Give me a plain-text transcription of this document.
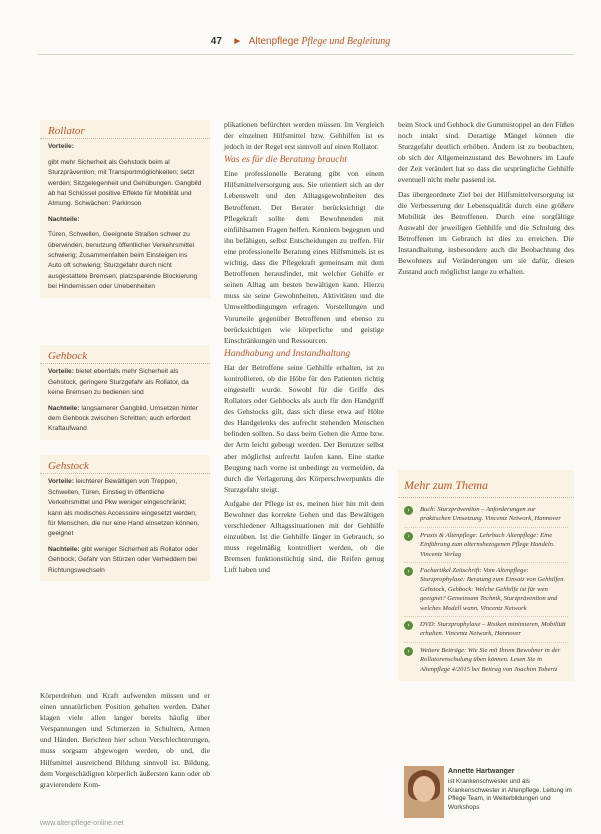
47 ► Altenpflege Pflege und Begleitung
Rollator

Vorteile:

gibt mehr Sicherheit als Gehstock beim al Sturzprävention; mit Transportmöglichkeiten; setzt werden; Sitzgelegenheit und Gehübungen. Gangbild ab hat Schlüssel positive Effekte für Mobilität und Atmung. Schwächen: Parkinson

Nachteile:

Türen, Schwellen, Geeignete Straßen schwer zu überwinden, benutzung öffentlicher Verkehrsmittel schwierig; Zusammenfalten beim Einsteigen ins Auto oft schwierig; Sturzgefahr durch nicht ausgestattete Bremsen; platzsparende Blockierung bei Hindernissen oder Unebenheiten

Gehbock

Vorteile: bietet ebenfalls mehr Sicherheit als Gehstock, geringere Sturzgefahr als Rollator, da keine Bremsen zu bedienen sind

Nachteile: langsamerer Gangbild, Umsetzen hinter dem Gehbock zwischen Schritten; auch erfordert Kraftaufwand

Gehstock

Vorteile: leichterer Bewältigen von Treppen, Schwellen, Türen, Einstieg in öffentliche Verkehrsmittel und Pkw weniger eingeschränkt; kann als modisches Accessoire eingesetzt werden; für Menschen, die nur eine Hand einsetzen können, geeignet

Nachteile: gibt weniger Sicherheit als Rollator oder Gehbock; Gefahr von Stürzen oder Verheddern bei Richtungswechseln

Körperdrehen und Kraft aufwenden müssen und er einen unnatürlichen Position gehalten werden. Daher klagen viele allen langer bereits häufig über Verspannungen und Schmerzen in Schultern, Armen und Händen. Berichten hier schon Verschlechterungen, muss sorgsam abgewogen werden, ob und, die Hilfsmittel ausreichend Bildung sinnvoll ist. Bildung, dem Vorgeschädigten körperlich äußersten kann oder ob gravierendere Kom-

plikationen befürchtet werden müssen. Im Vergleich der einzelnen Hilfsmittel bzw. Gehhilfen ist es jedoch in der Regel erst sinnvoll auf einen Rollator.

Was es für die Beratung braucht

Eine professionelle Beratung gibt von einem Hilfsmittelversorgung aus. Sie orientiert sich an der Lebenswelt und den Alltagsgewohnheiten des Betroffenen. Der Berater berücksichtigt die Pflegekraft sollte dem Bewohnenden mit einfühlsamen Fragen helfen. Kennlern begegnen und ihn befähigen, selbst Entscheidungen zu treffen. Für eine professionelle Beratung eines Hilfsmittels ist es wichtig, dass die Pflegekraft gemeinsam mit dem Betroffenen herausfindet, mit welcher Gehilfe er seinen Alltag am besten bewältigen kann. Hierzu muss sie seine Gewohnheiten, Aktivitäten und die Umweltbedingungen erfragen. Vorstellungen und Vorurteile gegenüber Betroffenen und ebenso zu berücksichtigen wie körperliche und geistige Einschränkungen und Ressourcen.

Handhabung und Instandhaltung

Hat der Betroffene seine Gehhilfe erhalten, ist zu kontrollieren, ob die Höhe für den Patienten richtig eingestellt wurde. Sowohl für die Griffe des Rollators oder Gehbocks als auch für den Handgriff des Gehstocks gilt, dass sich diese etwa auf Höhe des Handgelenks des aufrecht stehenden Menschen befinden sollten. So dass beim Gehen die Arme bzw. der Arm leicht gebeugt werden. Der Benutzer selbst aber möglichst aufrecht laufen kann. Eine starke Beugung nach vorne ist unbedingt zu vermeiden, da durch die Verlagerung des Körperschwerpunkts die Sturzgefahr steigt.

Aufgabe der Pflege ist es, meinen hier hin mit dem Bewohner das korrekte Gehen und das Bewältigen verschiedener Alltagssituationen mit der Gehhilfe einzuüben. Ist die Gehhilfe länger in Gebrauch, so muss regelmäßig kontrolliert werden, ob die Bremsen funktionstüchtig sind, die Reifen genug Luft haben und

beim Stock und Gehbock die Gummistoppel an den Füßen noch intakt sind. Derartige Mängel können die Sturzgefahr deutlich erhöhen. Ändern ist zu beobachten, ob sich der Allgemeinzustand des Bewohners im Laufe der Zeit verändert hat so dass die ursprüngliche Gehhilfe eventuell nicht mehr passend ist.

Das übergeordnete Ziel bei der Hilfsmittelversorgung ist die Verbesserung der Lebensqualität durch eine größere Mobilität des Betroffenen. Durch eine sorgfältige Auswahl der jeweiligen Gehhilfe und die Schulung des Betroffenen im Gebrauch ist dies zu erreichen. Die Instandhaltung, insbesondere auch die Beobachtung des Bewohners auf Veränderungen um sie dafür, diesen Zustand auch möglichst lange zu erhalten.

Mehr zum Thema
›	Buch: Sturzprävention – Anforderungen zur praktischen Umsetzung. Vincentz Network, Hannover
›	Praxis & Altenpflege: Lehrbuch Altenpflege: Eine Einführung zum alternsbezogenen Pflege Handeln. Vincentz Verlag
›	Fachartikel Zeitschrift: Vom Altenpflege: Sturzprophylaxe: Beratung zum Einsatz von Gehhilfen. Gehstock, Gehbock: Welche Gehhilfe ist für wen geeignet? Gemeinsam Technik, Sturzprävention und welches Modell wann. Vincentz Network
›	DVD: Sturzprophylaxe – Risiken minimieren, Mobilität erhalten. Vincentz Network, Hannover
›	Weitere Beiträge: Wie Sie mit Ihrem Bewohner in der Rollatorenschulung üben können. Lesen Sie in Altenpflege 4/2015 bei Beitrag von Joachim Tobertz
Annette Hartwanger
ist Krankenschwester und als Krankenschwester in Altenpflege. Leitung im Pflege Team, in Weiterbildungen und Workshops
www.altenpflege-online.net
